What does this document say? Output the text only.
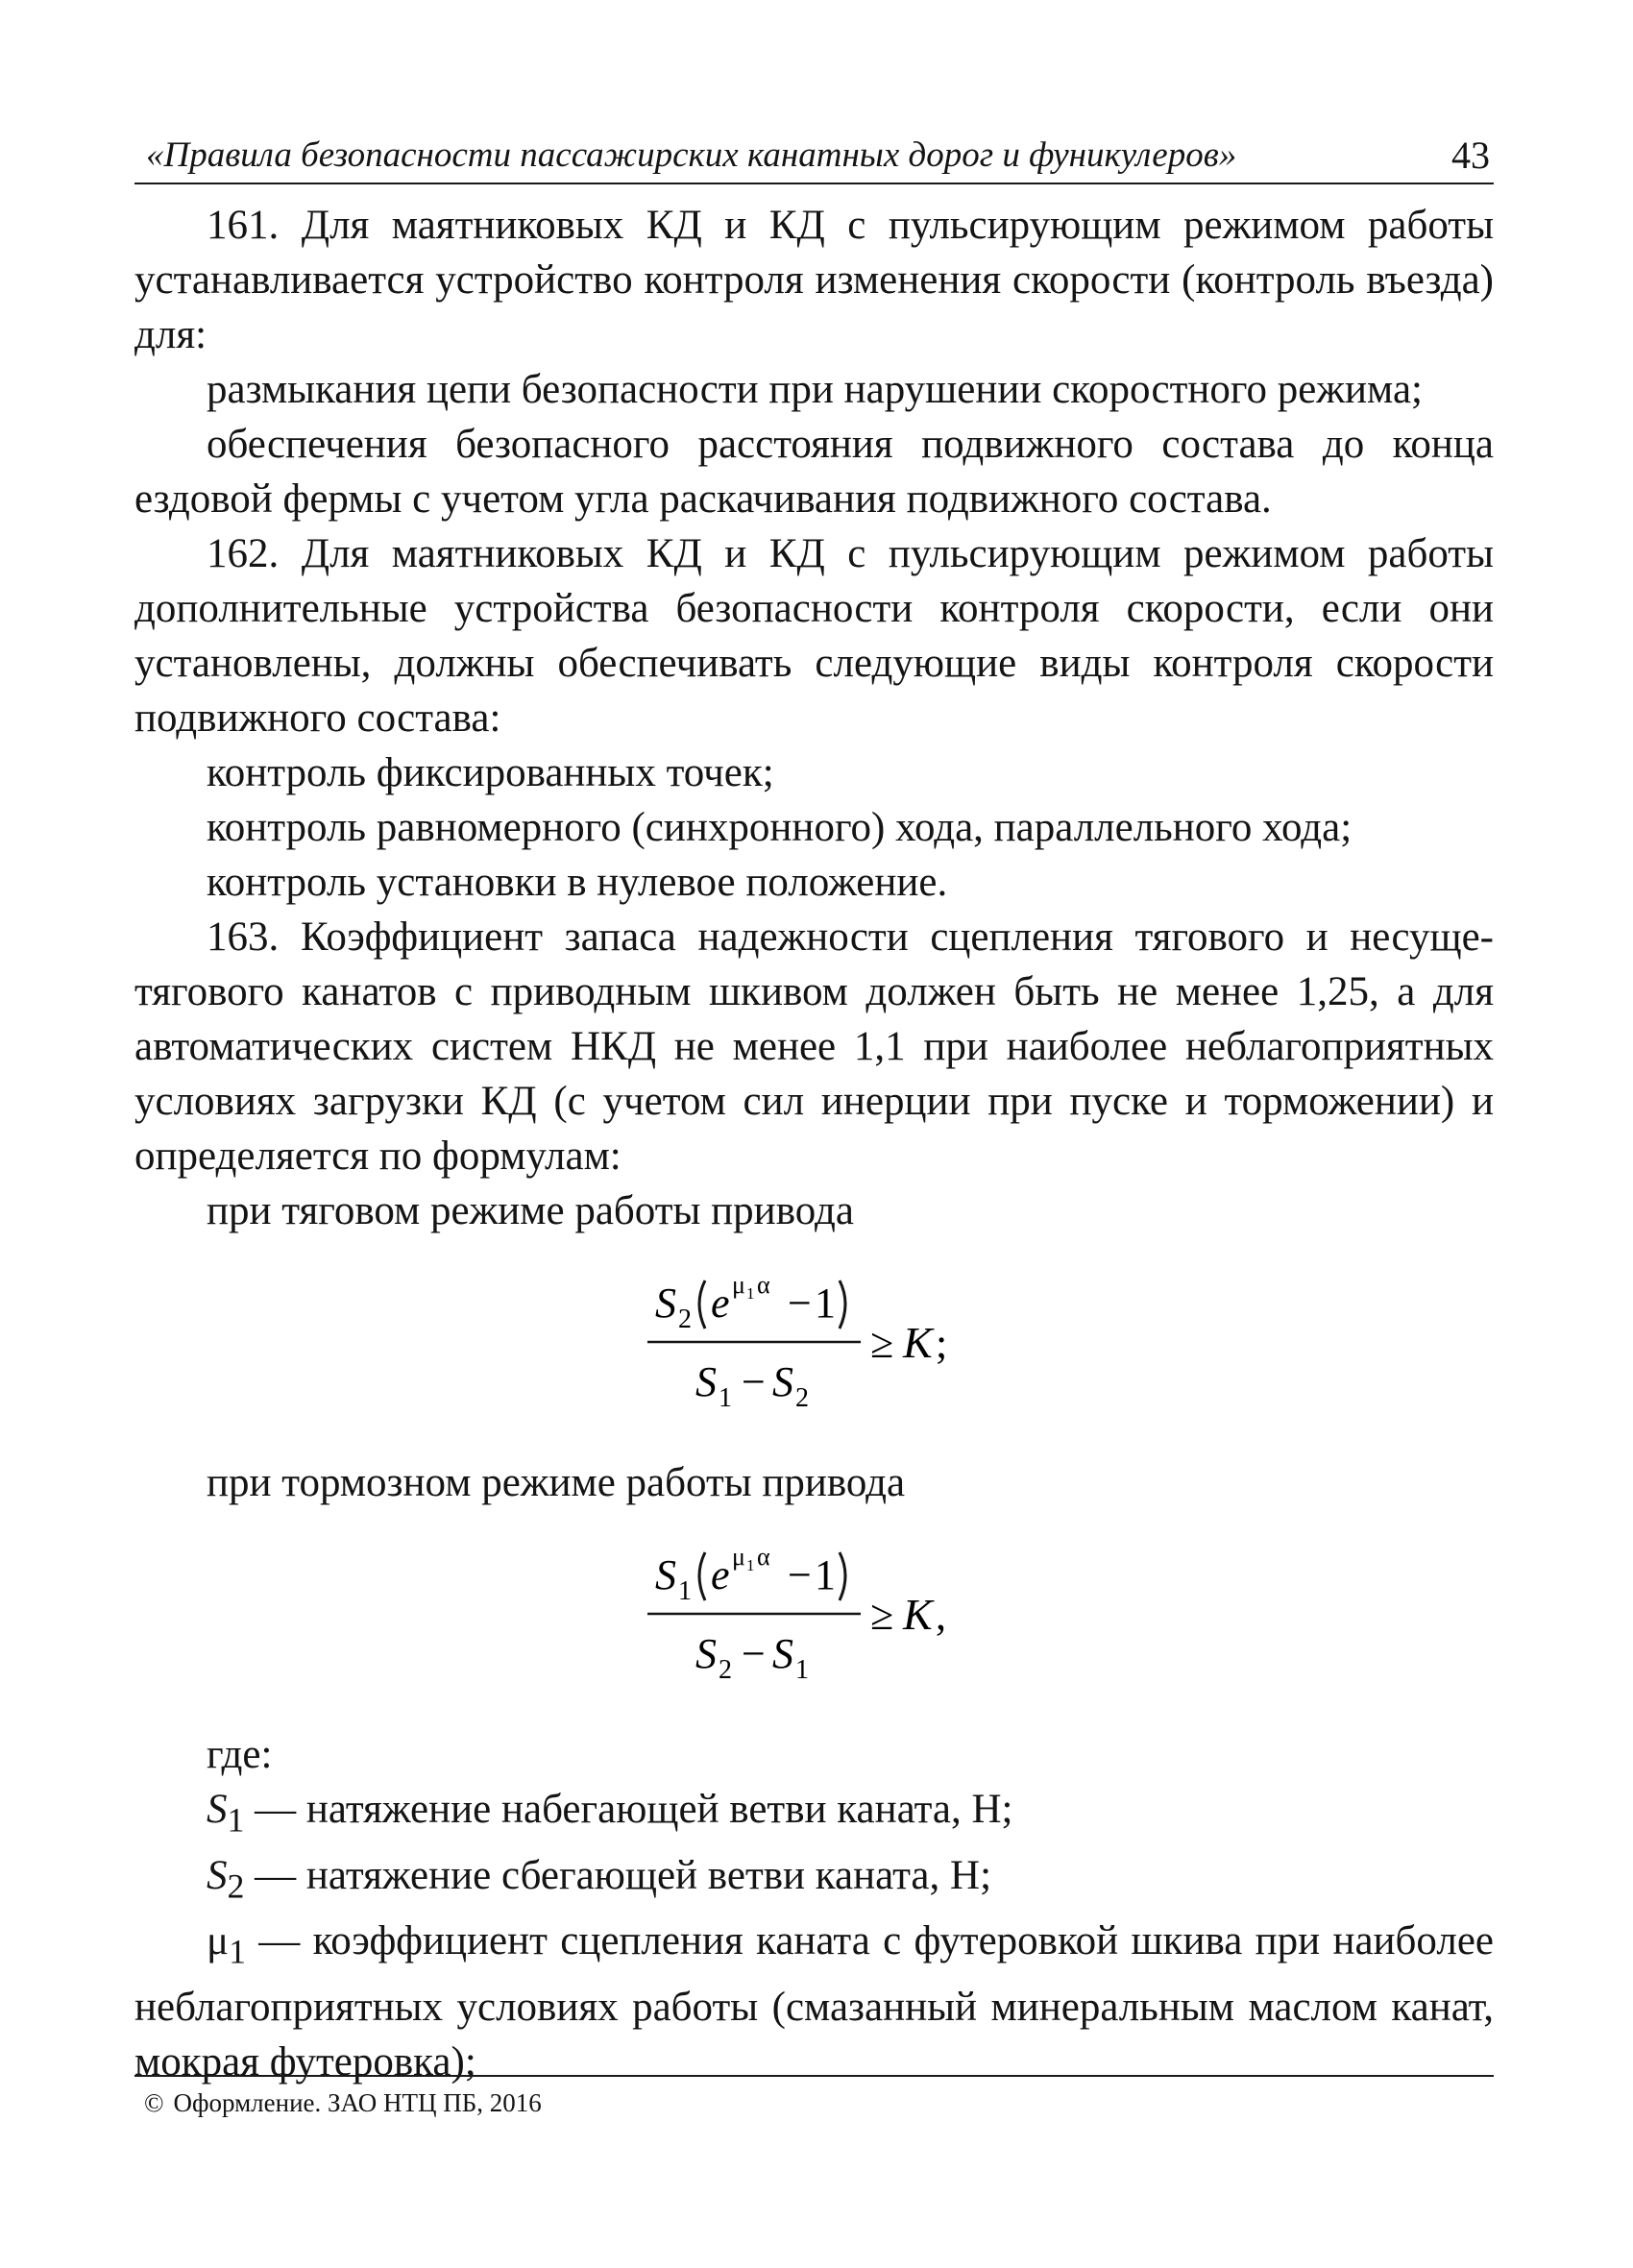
«Правила безопасности пассажирских канатных дорог и фуникулеров»	43

161. Для маятниковых КД и КД с пульсирующим режимом работы устанавливается устройство контроля изменения скорости (контроль въезда) для:

размыкания цепи безопасности при нарушении скоростного режима;

обеспечения безопасного расстояния подвижного состава до конца ездовой фермы с учетом угла раскачивания подвижного состава.

162. Для маятниковых КД и КД с пульсирующим режимом работы дополнительные устройства безопасности контроля скорости, если они установлены, должны обеспечивать следующие виды контроля скорости подвижного состава:

контроль фиксированных точек;

контроль равномерного (синхронного) хода, параллельного хода;

контроль установки в нулевое положение.

163. Коэффициент запаса надежности сцепления тягового и несуще-тягового канатов с приводным шкивом должен быть не менее 1,25, а для автоматических систем НКД не менее 1,1 при наиболее неблагоприятных условиях загрузки КД (с учетом сил инерции при пуске и торможении) и определяется по формулам:

при тяговом режиме работы привода

S 2 e μ 1 α − 1
S 1 − S 2
≥ K ;

при тормозном режиме работы привода

S 1 e μ 1 α − 1
S 2 − S 1
≥ K ,

где:

$S_1$ — натяжение набегающей ветви каната, Н;

$S_2$ — натяжение сбегающей ветви каната, Н;

$\mu_1$ — коэффициент сцепления каната с футеровкой шкива при наиболее неблагоприятных условиях работы (смазанный минеральным маслом канат, мокрая футеровка);

© Оформление. ЗАО НТЦ ПБ, 2016
